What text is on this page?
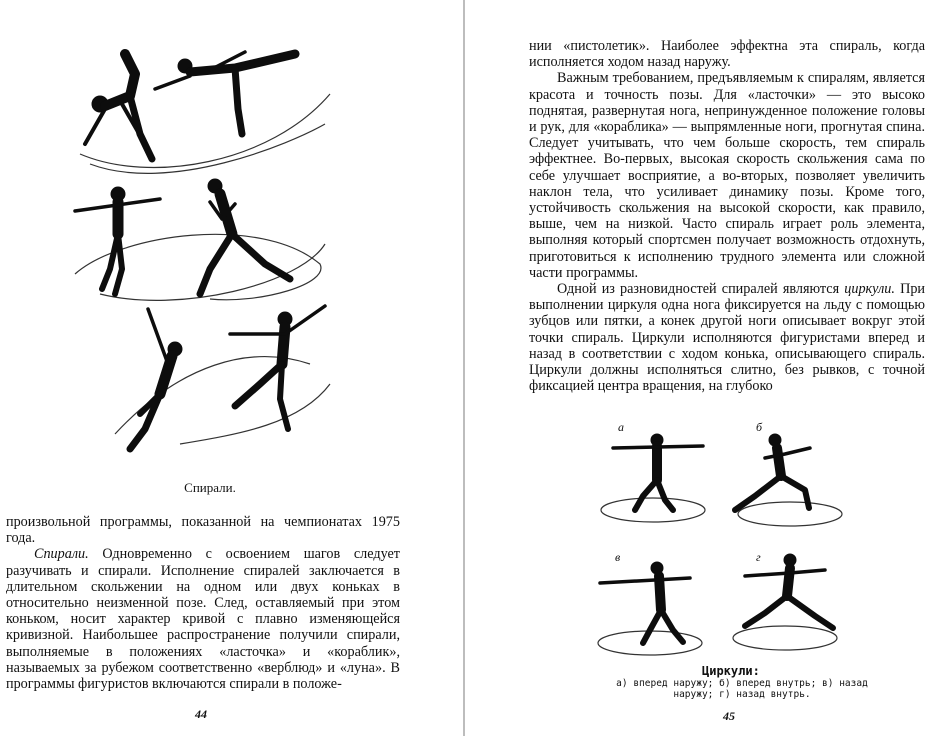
Спирали.

произвольной программы, показанной на чемпионатах 1975 года.

Спирали. Одновременно с освоением шагов следует разучивать и спирали. Исполнение спиралей заключается в длительном скольжении на одном или двух коньках в относительно неизменной позе. След, оставляемый при этом коньком, носит характер кривой с плавно изменяющейся кривизной. Наибольшее распространение получили спирали, выполняемые в положениях «ласточка» и «кораблик», называемых за рубежом соответственно «верблюд» и «луна». В программы фигуристов включаются спирали в положе-

44

нии «пистолетик». Наиболее эффектна эта спираль, когда исполняется ходом назад наружу.

Важным требованием, предъявляемым к спиралям, является красота и точность позы. Для «ласточки» — это высоко поднятая, развернутая нога, непринужденное положение головы и рук, для «кораблика» — выпрямленные ноги, прогнутая спина. Следует учитывать, что чем больше скорость, тем спираль эффектнее. Во-первых, высокая скорость скольжения сама по себе улучшает восприятие, а во-вторых, позволяет увеличить наклон тела, что усиливает динамику позы. Кроме того, устойчивость скольжения на высокой скорости, как правило, выше, чем на низкой. Часто спираль играет роль элемента, выполняя который спортсмен получает возможность отдохнуть, приготовиться к исполнению трудного элемента или сложной части программы.

Одной из разновидностей спиралей являются циркули. При выполнении циркуля одна нога фиксируется на льду с помощью зубцов или пятки, а конек другой ноги описывает вокруг этой точки спираль. Циркули исполняются фигуристами вперед и назад в соответствии с ходом конька, описывающего спираль. Циркули должны исполняться слитно, без рывков, с точной фиксацией центра вращения, на глубоко

а	б
в	г
Циркули:
а) вперед наружу; б) вперед внутрь; в) назад
наружу; г) назад внутрь.
45
